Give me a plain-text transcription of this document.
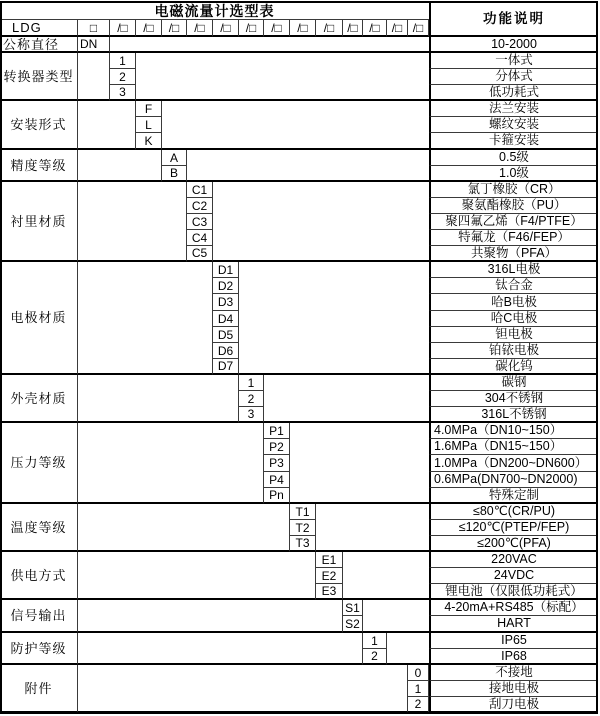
电磁流量计选型表	功能说明
LDG	□	/□	/□	/□	/□	/□	/□	/□	/□	/□	/□ /□ /□ /□
公称直径	DN	10-2000
转换器类型
1	一体式
2	分体式
3	低功耗式
安装形式
F	法兰安装
L	螺纹安装
K	卡箍安装
精度等级	A	0.5级
B	1.0级
衬里材质
C1	氯丁橡胶（CR）
C2	聚氨酯橡胶（PU）
C3	聚四氟乙烯（F4/PTFE）
C4	特氟龙（F46/FEP）
C5	共聚物（PFA）
电极材质
D1	316L电极
D2	钛合金
D3	哈B电极
D4	哈C电极
D5	钽电极
D6	铂铱电极
D7	碳化钨
外壳材质
1	碳钢
2	304不锈钢
3	316L不锈钢
压力等级
P1	4.0MPa（DN10~150）
P2	1.6MPa（DN15~150）
P3	1.0MPa（DN200~DN600）
P4	0.6MPa(DN700~DN2000)
Pn	特殊定制
温度等级
T1	≤80℃(CR/PU)
T2	≤120℃(PTEP/FEP)
T3	≤200℃(PFA)
供电方式
E1	220VAC
E2	24VDC
E3	锂电池（仅限低功耗式）
信号输出
S1	4-20mA+RS485（标配）
S2	HART
防护等级	1	IP65
2	IP68
附件
0	不接地
1	接地电极
2	刮刀电极
